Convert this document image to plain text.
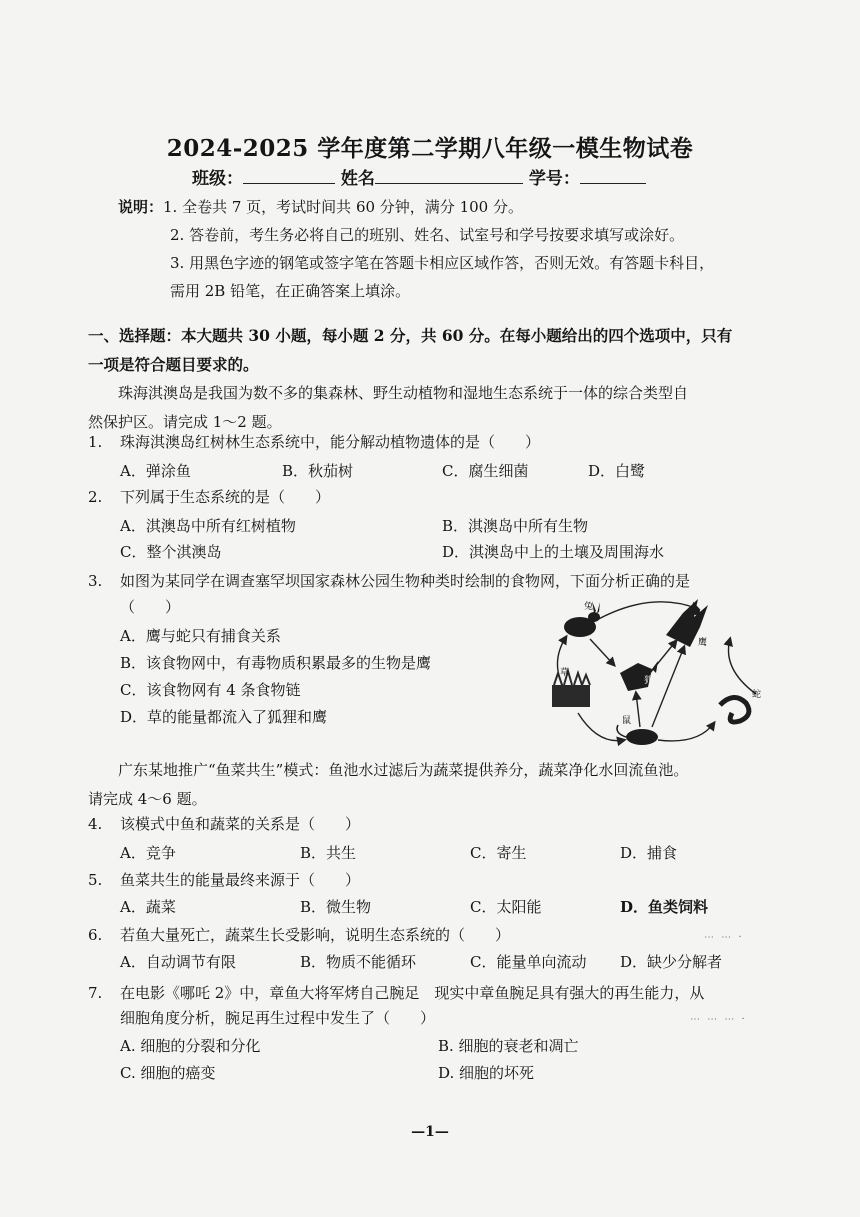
2024-2025 学年度第二学期八年级一模生物试卷
班级：	姓名	学号：
说明：1. 全卷共 7 页，考试时间共 60 分钟，满分 100 分。
2. 答卷前，考生务必将自己的班别、姓名、试室号和学号按要求填写或涂好。
3. 用黑色字迹的钢笔或签字笔在答题卡相应区域作答，否则无效。有答题卡科目，
需用 2B 铅笔，在正确答案上填涂。
一、选择题：本大题共 30 小题，每小题 2 分，共 60 分。在每小题给出的四个选项中，只有
一项是符合题目要求的。
珠海淇澳岛是我国为数不多的集森林、野生动植物和湿地生态系统于一体的综合类型自
然保护区。请完成 1～2 题。
1. 珠海淇澳岛红树林生态系统中，能分解动植物遗体的是（　　）
A．弹涂鱼	B．秋茄树	C．腐生细菌	D．白鹭
2. 下列属于生态系统的是（　　）
A．淇澳岛中所有红树植物	B．淇澳岛中所有生物
C．整个淇澳岛	D．淇澳岛中上的土壤及周围海水
3. 如图为某同学在调查塞罕坝国家森林公园生物种类时绘制的食物网，下面分析正确的是
（　　）
A．鹰与蛇只有捕食关系
B．该食物网中，有毒物质积累最多的生物是鹰
C．该食物网有 4 条食物链
D．草的能量都流入了狐狸和鹰
兔
鹰
草
狐
鼠
蛇
广东某地推广“鱼菜共生”模式：鱼池水过滤后为蔬菜提供养分，蔬菜净化水回流鱼池。
请完成 4～6 题。
4. 该模式中鱼和蔬菜的关系是（　　）
A．竞争	B．共生	C．寄生	D．捕食
5. 鱼菜共生的能量最终来源于（　　）
A．蔬菜	B．微生物	C．太阳能	D．鱼类饲料
6. 若鱼大量死亡，蔬菜生长受影响，说明生态系统的（　　）
A．自动调节有限	B．物质不能循环	C．能量单向流动 D．缺少分解者
7. 在电影《哪吒 2》中，章鱼大将军烤自己腕足　现实中章鱼腕足具有强大的再生能力，从
细胞角度分析，腕足再生过程中发生了（　　）
A. 细胞的分裂和分化	B. 细胞的衰老和凋亡
C. 细胞的癌变	D. 细胞的坏死
—1—
⋯ ⋯ ·
⋯ ⋯ ⋯ ·
